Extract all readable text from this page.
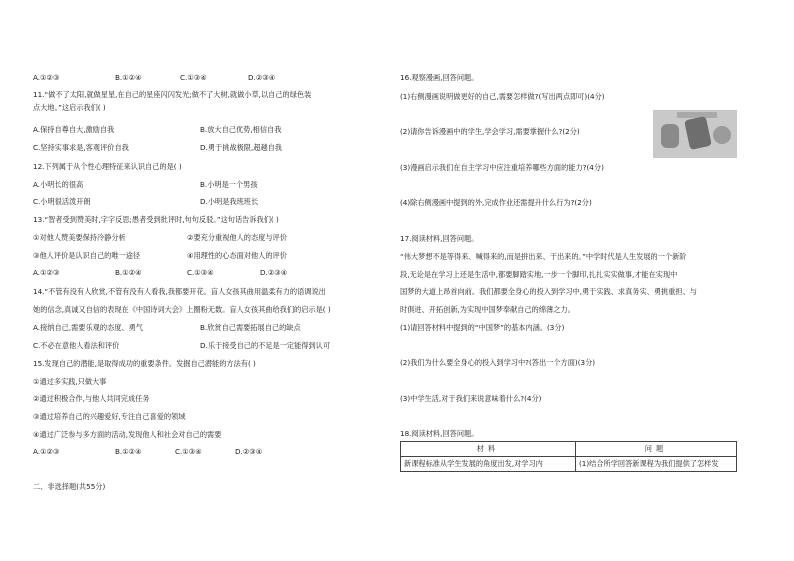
A.①②③	B.①②④	C.①③④	D.②③④
11.“做不了太阳,就做星星,在自己的星座闪闪发光;做不了大树,就做小草,以自己的绿色装
点大地。”这启示我们( )
A.保持自尊自大,激励自我	B.放大自己优势,相信自我
C.坚持实事求是,客观评价自我	D.勇于挑战极限,超越自我
12.下列属于从个性心理特征来认识自己的是( )
A.小明长的很高	B.小明是一个男孩
C.小明很活泼开朗	D.小明是我班班长
13.“智者受到赞美时,字字反思;愚者受到批评时,句句反驳。”这句话告诉我们( )
①对他人赞美要保持冷静分析	②要充分重视他人的态度与评价
③他人评价是认识自己的唯一途径	④用理性的心态面对他人的评价
A.①②③	B.①②④	C.①③④	D.②③④
14.“不管有没有人欣赏,不管有没有人看我,我都要开花。盲人女孩其曲用温柔有力的语调说出
她的信念,真诚又自信的表现在《中国诗词大会》上圈粉无数。盲人女孩其曲给我们的启示是( )
A.接纳自己,需要乐观的态度、勇气	B.欣赏自己需要拓展自己的缺点
C.不必在意他人看法和评价	D.乐于接受自己的不足是一定能得到认可
15.发现自己的潜能,是取得成功的重要条件。发掘自己潜能的方法有( )
①通过多实践,只做大事
②通过积极合作,与他人共同完成任务
③通过培养自己的兴趣爱好,专注自己喜爱的领域
④通过广泛参与多方面的活动,发现他人和社会对自己的需要
A.①②③	B.①②④	C.①③④	D.②③④
二、非选择题(共55分)
16.观察漫画,回答问题。
(1)右侧漫画说明做更好的自己,需要怎样做?(写出两点即可)(4分)
(2)请你告诉漫画中的学生,学会学习,需要掌握什么?(2分)
(3)漫画启示我们在自主学习中应注重培养哪些方面的能力?(4分)
(4)除右侧漫画中提到的外,完成作业还需提升什么行为?(2分)
17.阅读材料,回答问题。
“伟大梦想不是等得来、喊得来的,而是拼出来、干出来的。”中学时代是人生发展的一个新阶
段,无论是在学习上还是生活中,都要脚踏实地,一步一个脚印,扎扎实实做事,才能在实现中
国梦的大道上昂首向前。我们都要全身心的投入到学习中,勇于实践、求真务实、勇挑重担、与
时俱进、开拓创新,为实现中国梦奉献自己的绵薄之力。
(1)请回答材料中提到的“中国梦”的基本内涵。(3分)
(2)我们为什么要全身心的投入到学习中?(答出一个方面)(3分)
(3)中学生活,对于我们来说意味着什么?(4分)
18.阅读材料,回答问题。
材料	问题
新课程标准从学生发展的角度出发,对学习内	(1)结合所学回答新课程为我们提供了怎样发
